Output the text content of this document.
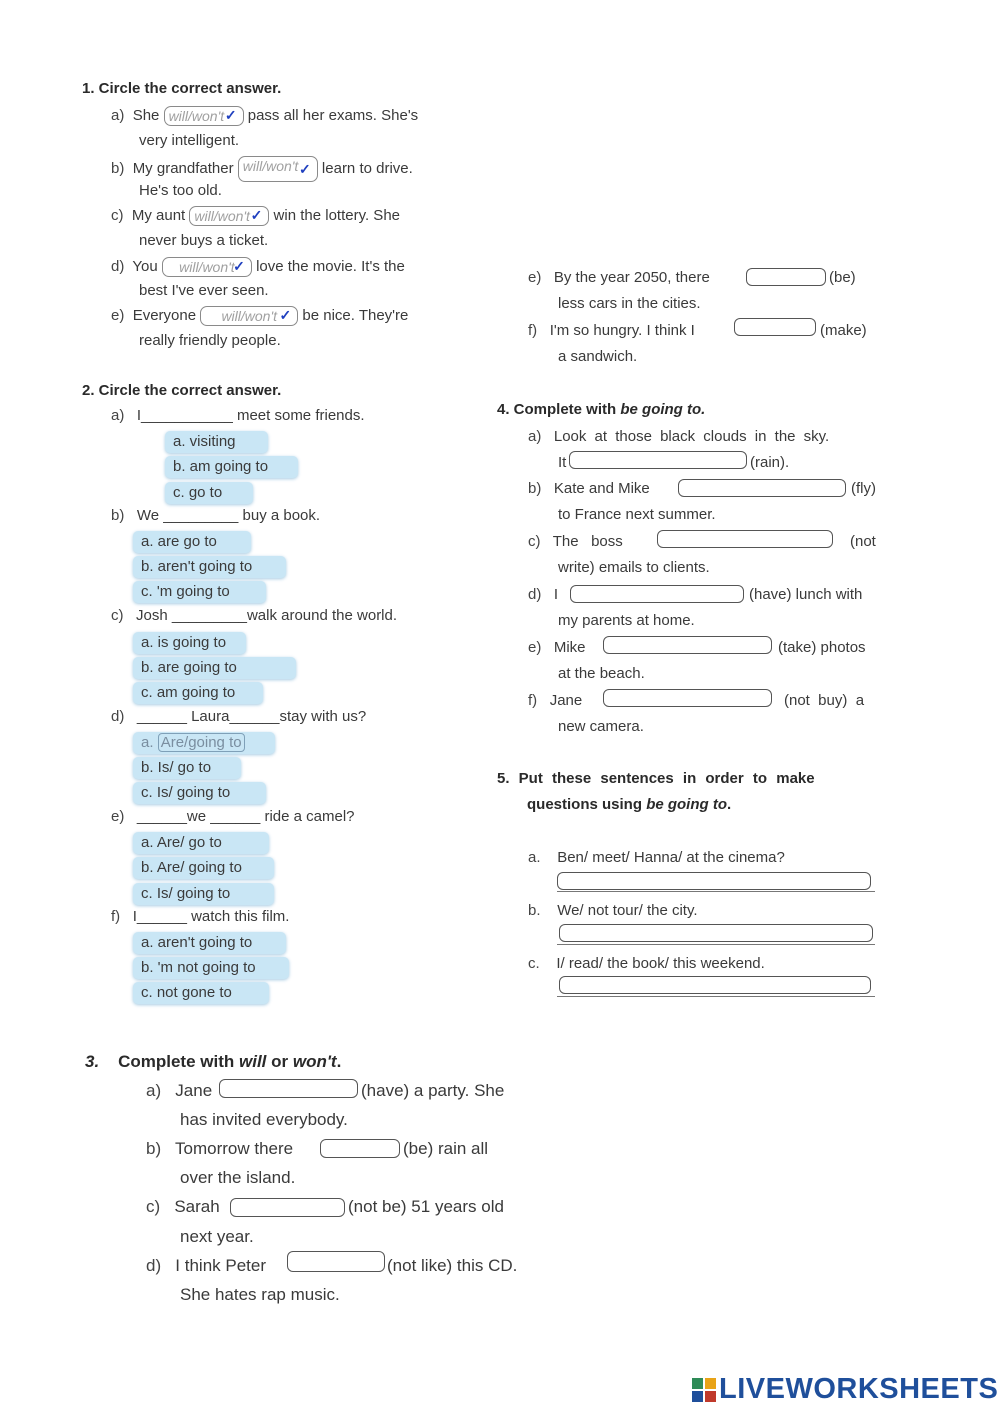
1. Circle the correct answer.
a) She will/won't ✓ pass all her exams. She's
very intelligent.
b) My grandfather will/won't ✓ learn to drive.
He's too old.
c) My aunt will/won't ✓ win the lottery. She
never buys a ticket.
d) You will/won't
✓ love the movie. It's the
best I've ever seen.
e) Everyone will/won't ✓ be nice. They're
really friendly people.
e) By the year 2050, there	(be)
less cars in the cities.
f) I'm so hungry. I think I	(make)
a sandwich.
2. Circle the correct answer.
a) I___________ meet some friends.
a. visiting
b. am going to
c. go to
b) We _________ buy a book.
a. are go to
b. aren't going to
c. 'm going to
c) Josh _________walk around the world.
a. is going to
b. are going to
c. am going to
d) ______ Laura______stay with us?
a. Are/going to
b. Is/ go to
c. Is/ going to
e) ______we ______ ride a camel?
a. Are/ go to
b. Are/ going to
c. Is/ going to
f) I______ watch this film.
a. aren't going to
b. 'm not going to
c. not gone to
4. Complete with be going to.
a) Look at those black clouds in the sky.
It	(rain).
b) Kate and Mike	(fly)
to France next summer.
c) The   boss	(not
write) emails to clients.
d) I	(have) lunch with
my parents at home.
e) Mike	(take) photos
at the beach.
f) Jane	(not  buy)  a
new camera.
5. Put these sentences in order to make
questions using be going to.
a. Ben/ meet/ Hanna/ at the cinema?
b. We/ not tour/ the city.
c. I/ read/ the book/ this weekend.
3. Complete with will or won't.
a) Jane	(have) a party. She
has invited everybody.
b) Tomorrow there	(be) rain all
over the island.
c) Sarah	(not be) 51 years old
next year.
d) I think Peter	(not like) this CD.
She hates rap music.
LIVEWORKSHEETS
